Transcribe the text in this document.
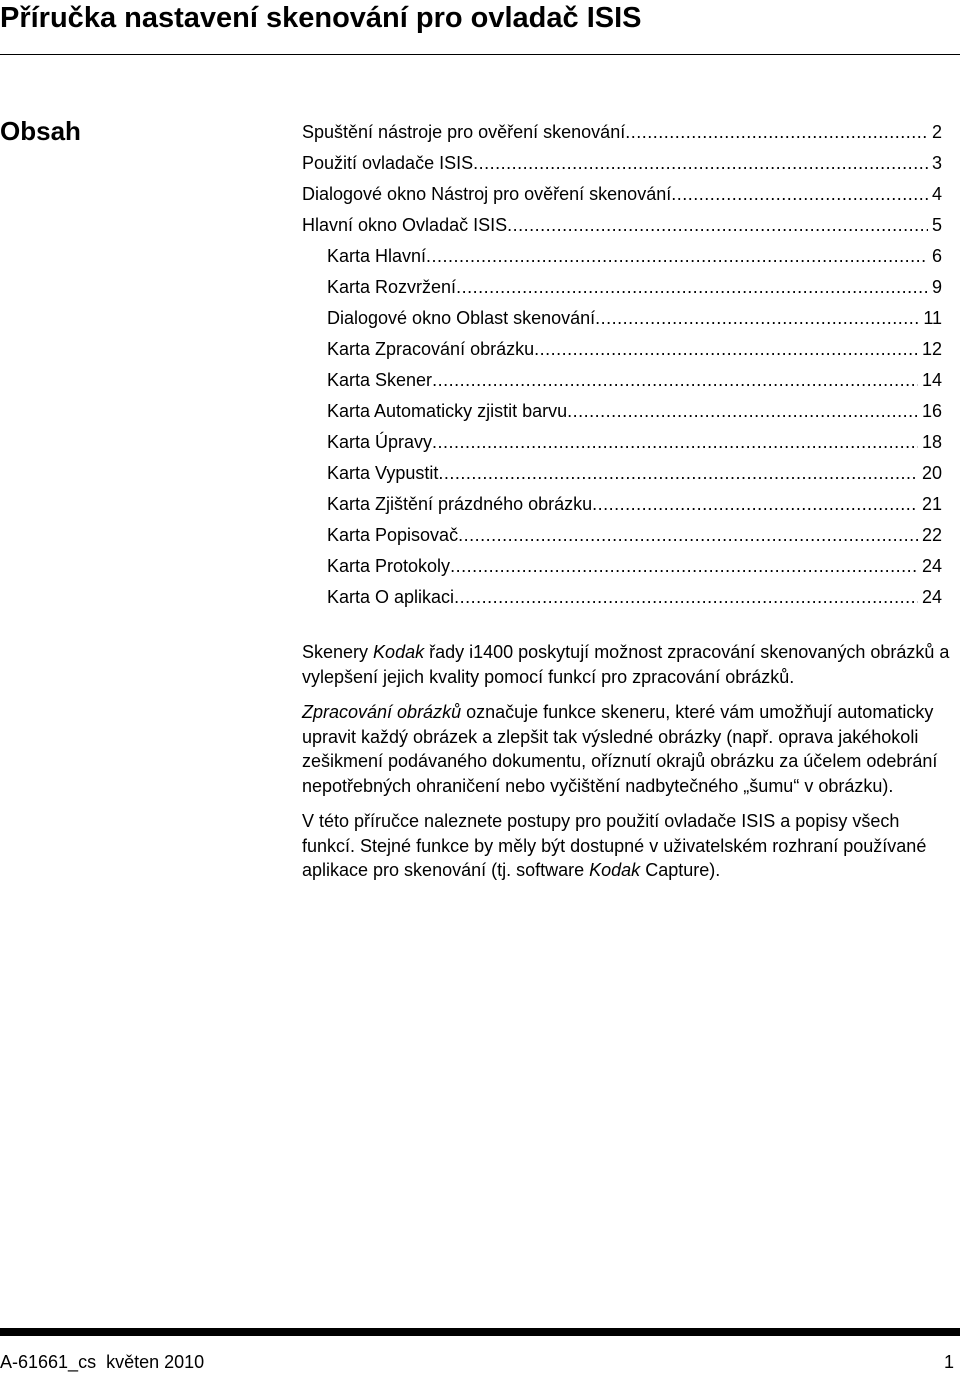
Příručka nastavení skenování pro ovladač ISIS
Obsah	Spuštění nástroje pro ověření skenování .....	2
Použití ovladače ISIS .....	3
Dialogové okno Nástroj pro ověření skenování .....	4
Hlavní okno Ovladač ISIS .....	5
Karta Hlavní .....	6
Karta Rozvržení .....	9
Dialogové okno Oblast skenování .....	11
Karta Zpracování obrázku .....	12
Karta Skener .....	14
Karta Automaticky zjistit barvu .....	16
Karta Úpravy .....	18
Karta Vypustit .....	20
Karta Zjištění prázdného obrázku .....	21
Karta Popisovač .....	22
Karta Protokoly .....	24
Karta O aplikaci .....	24

Skenery Kodak řady i1400 poskytují možnost zpracování skenovaných obrázků a vylepšení jejich kvality pomocí funkcí pro zpracování obrázků.

Zpracování obrázků označuje funkce skeneru, které vám umožňují automaticky upravit každý obrázek a zlepšit tak výsledné obrázky (např. oprava jakéhokoli zešikmení podávaného dokumentu, oříznutí okrajů obrázku za účelem odebrání nepotřebných ohraničení nebo vyčištění nadbytečného „šumu“ v obrázku).

V této příručce naleznete postupy pro použití ovladače ISIS a popisy všech funkcí. Stejné funkce by měly být dostupné v uživatelském rozhraní používané aplikace pro skenování (tj. software Kodak Capture).

A-61661_cs  květen 2010	1
